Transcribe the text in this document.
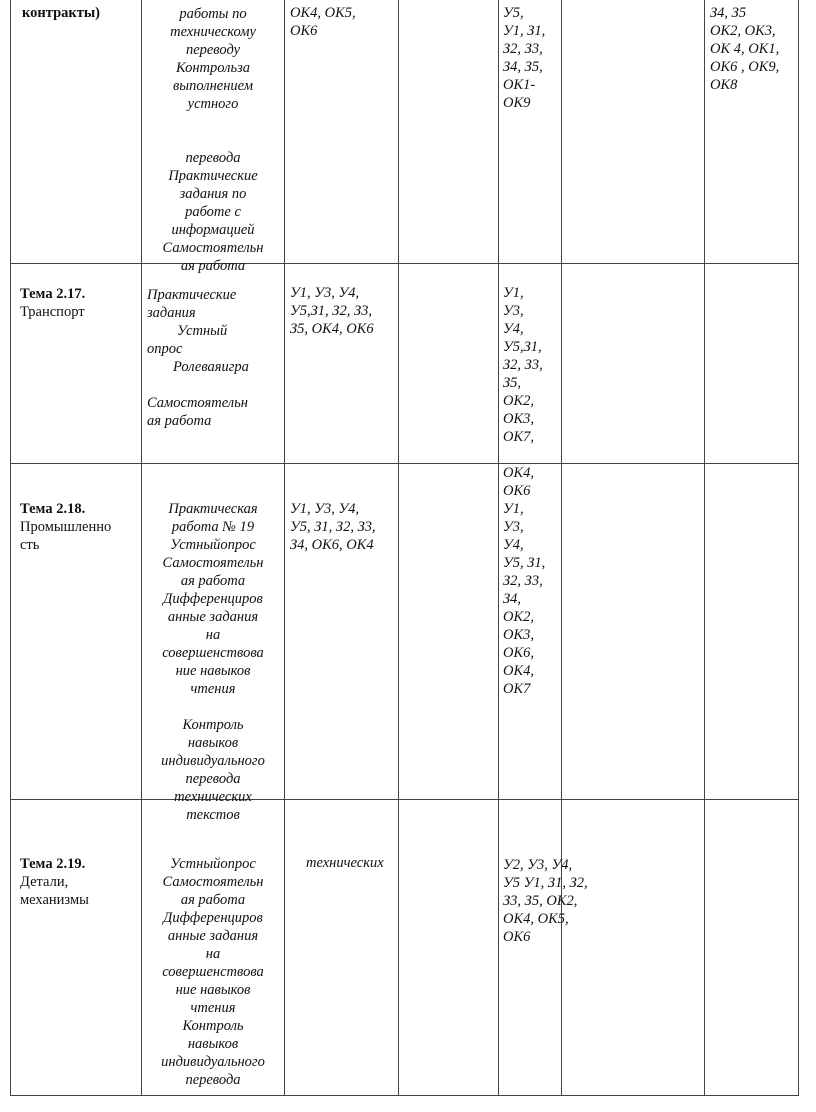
контракты)	работы по
техническому
переводу
Контрольза
выполнением
устного
перевода
Практические
задания по
работе с
информацией
Самостоятельн
ая работа
ОК4, ОК5,
ОК6
У5,
У1, З1,
З2, З3,
З4, З5,
ОК1-
ОК9
З4, З5
ОК2, ОК3,
ОК 4, ОК1,
ОК6 , ОК9,
ОК8
Тема 2.17.
Транспорт
Практические
задания
Устный
опрос
Ролеваяигра
Самостоятельн
ая работа
У1, У3, У4,
У5,З1, З2, З3,
З5, ОК4, ОК6
У1,
У3,
У4,
У5,З1,
З2, З3,
З5,
ОК2,
ОК3,
ОК7,
ОК4,
ОК6
Тема 2.18.
Промышленно
сть
Практическая
работа № 19
Устныйопрос
Самостоятельн
ая работа
Дифференциров
анные задания
на
совершенствова
ние навыков
чтения
Контроль
навыков
индивидуального
перевода
технических
текстов
У1, У3, У4,
У5, З1, З2, З3,
З4, ОК6, ОК4
У1,
У3,
У4,
У5, З1,
З2, З3,
З4,
ОК2,
ОК3,
ОК6,
ОК4,
ОК7
Тема 2.19.
Детали,
механизмы
Устныйопрос
Самостоятельн
ая работа
Дифференциров
анные задания
на
совершенствова
ние навыков
чтения
Контроль
навыков
индивидуального
перевода
технических	У2, У3, У4,
У5 У1, З1, З2,
З3, З5, ОК2,
ОК4, ОК5,
ОК6
